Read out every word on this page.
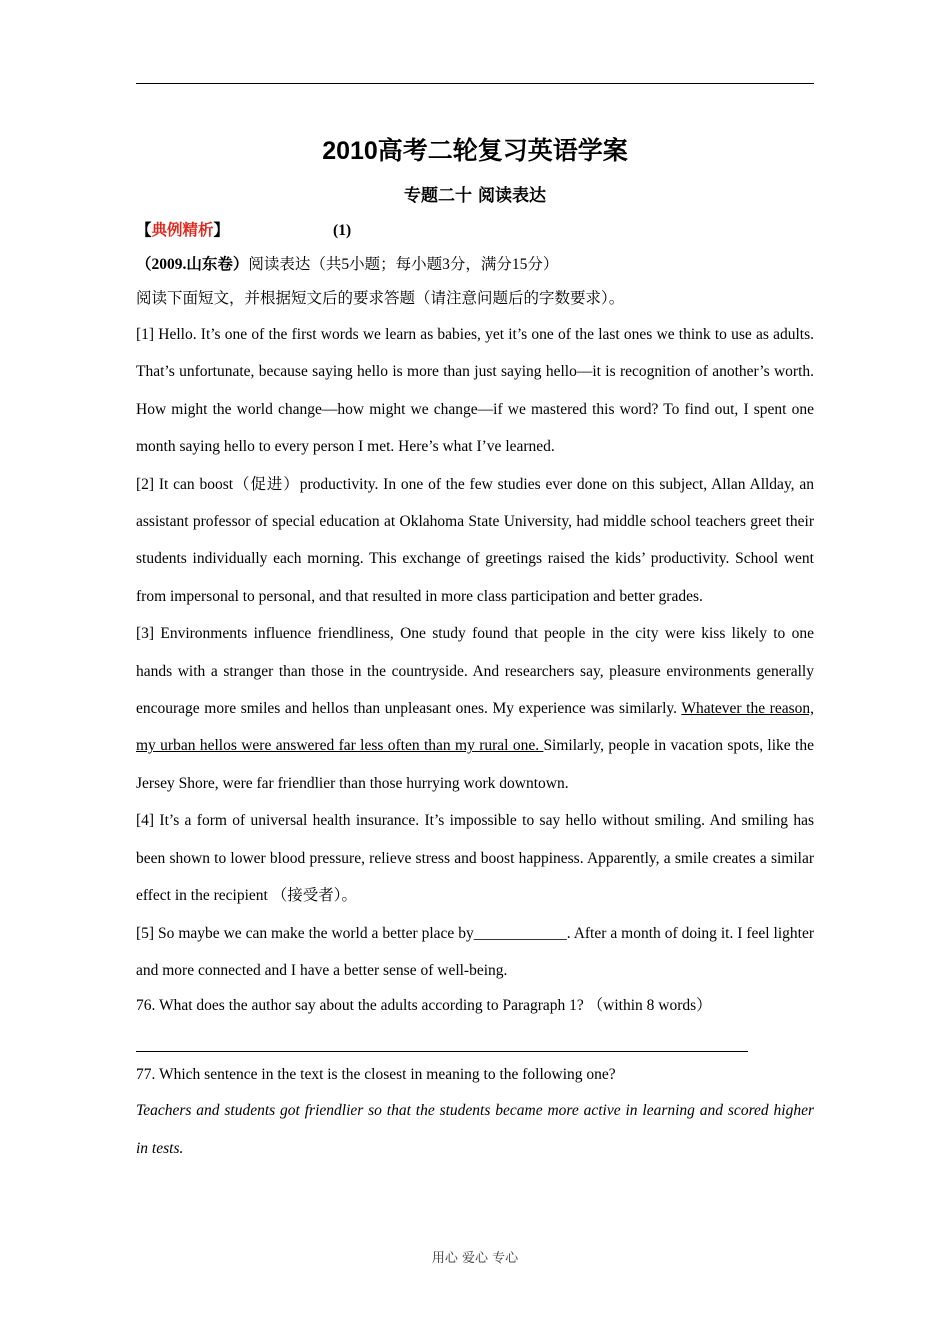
2010高考二轮复习英语学案
专题二十 阅读表达

【典例精析】	(1)

（2009.山东卷）阅读表达（共5小题；每小题3分，满分15分）

阅读下面短文，并根据短文后的要求答题（请注意问题后的字数要求）。

[1] Hello. It’s one of the first words we learn as babies, yet it’s one of the last ones we think to use as adults. That’s unfortunate, because saying hello is more than just saying hello—it is recognition of another’s worth. How might the world change—how might we change—if we mastered this word? To find out, I spent one month saying hello to every person I met. Here’s what I’ve learned.

[2] It can boost（促进）productivity. In one of the few studies ever done on this subject, Allan Allday, an assistant professor of special education at Oklahoma State University, had middle school teachers greet their students individually each morning. This exchange of greetings raised the kids’ productivity. School went from impersonal to personal, and that resulted in more class participation and better grades.

[3] Environments influence friendliness, One study found that people in the city were kiss likely to one hands with a stranger than those in the countryside. And researchers say, pleasure environments generally encourage more smiles and hellos than unpleasant ones. My experience was similarly. Whatever the reason, my urban hellos were answered far less often than my rural one. Similarly, people in vacation spots, like the Jersey Shore, were far friendlier than those hurrying work downtown.

[4] It’s a form of universal health insurance. It’s impossible to say hello without smiling. And smiling has been shown to lower blood pressure, relieve stress and boost happiness. Apparently, a smile creates a similar effect in the recipient （接受者）。

[5] So maybe we can make the world a better place by____________. After a month of doing it. I feel lighter and more connected and I have a better sense of well-being.

76. What does the author say about the adults according to Paragraph 1? （within 8 words）

77. Which sentence in the text is the closest in meaning to the following one?

Teachers and students got friendlier so that the students became more active in learning and scored higher in tests.

用心 爱心 专心
